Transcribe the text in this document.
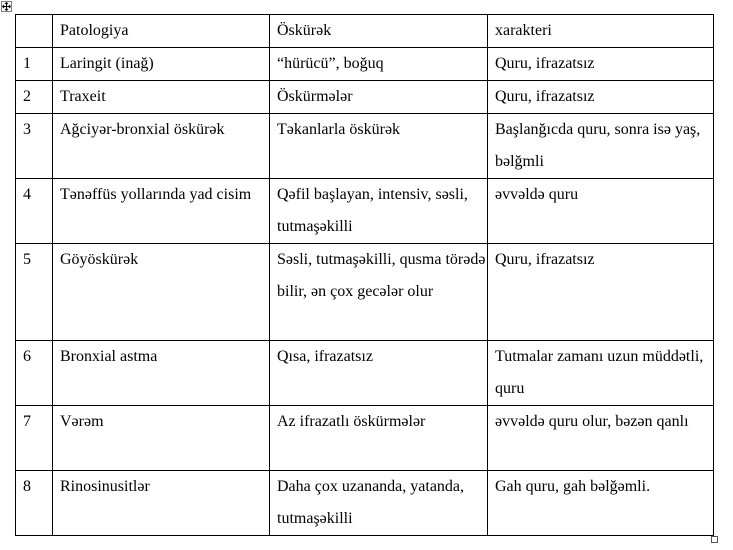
	Patologiya	Öskürək	xarakteri
1	Laringit (inağ)	“hürücü”, boğuq	Quru, ifrazatsız
2	Traxeit	Öskürmələr	Quru, ifrazatsız
3	Ağciyər-bronxial öskürək	Təkanlarla öskürək	Başlanğıcda quru, sonra isə yaş, bəlğmli
4	Tənəffüs yollarında yad cisim	Qəfil başlayan, intensiv, səsli, tutmaşəkilli	əvvəldə quru
5	Göyöskürək	Səsli, tutmaşəkilli, qusma törədə bilir, ən çox gecələr olur	Quru, ifrazatsız
6	Bronxial astma	Qısa, ifrazatsız	Tutmalar zamanı uzun müddətli, quru
7	Vərəm	Az ifrazatlı öskürmələr	əvvəldə quru olur, bəzən qanlı
8	Rinosinusitlər	Daha çox uzananda, yatanda, tutmaşəkilli	Gah quru, gah bəlğəmli.
